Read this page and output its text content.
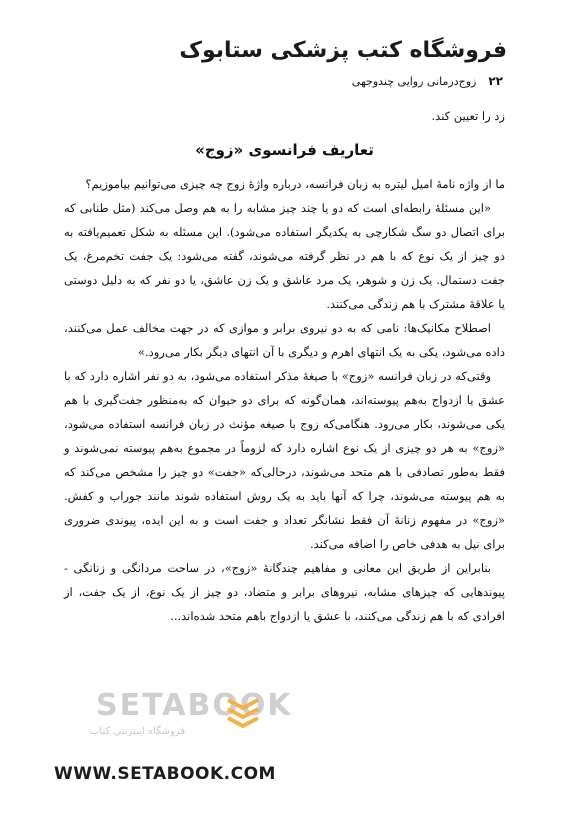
فروشگاه کتب پزشکی ستابوک
۲۲
زوج‌درمانی روایی چندوجهی

زد را تعیین کند.

تعاریف فرانسوی «زوج»

ما از واژه نامهٔ امیل لیتره به زبان فرانسه، درباره واژهٔ زوج چه چیزی می‌توانیم بیاموزیم؟

«این مسئلهٔ رابطه‌ای است که دو یا چند چیز مشابه را به هم وصل می‌کند (مثل طنابی که برای اتصال دو سگ شکارچی به یکدیگر استفاده می‌شود). این مسئله به شکل تعمیم‌یافته به دو چیز از یک نوع که با هم در نظر گرفته می‌شوند، گفته می‌شود: یک جفت تخم‌مرغ، یک جفت دستمال. یک زن و شوهر، یک مرد عاشق و یک زن عاشق، یا دو نفر که به دلیل دوستی یا علاقهٔ مشترک با هم زندگی می‌کنند.

اصطلاح مکانیک‌ها: نامی که به دو نیروی برابر و موازی که در جهت مخالف عمل می‌کنند، داده می‌شود، یکی به یک انتهای اهرم و دیگری با آن انتهای دیگر بکار می‌رود.»

وقتی‌که در زبان فرانسه «زوج» با صیغهٔ مذکر استفاده می‌شود، به دو نفر اشاره دارد که با عشق یا ازدواج به‌هم پیوسته‌اند، همان‌گونه که برای دو حیوان که به‌منظور جفت‌گیری با هم یکی می‌شوند، بکار می‌رود. هنگامی‌که زوج با صیغه مؤنث در زبان فرانسه استفاده می‌شود، «زوج» به هر دو چیزی از یک نوع اشاره دارد که لزوماً در مجموع به‌هم پیوسته نمی‌شوند و فقط به‌طور تصادفی با هم متحد می‌شوند، درحالی‌که «جفت» دو چیز را مشخص می‌کند که به هم پیوسته می‌شوند، چرا که آنها باید به یک روش استفاده شوند مانند جوراب و کفش. «زوج» در مفهوم زنانهٔ آن فقط نشانگر تعداد و جفت است و به این ایده، پیوندی ضروری برای نیل به هدفی خاص را اضافه می‌کند.

بنابراین از طریق این معانی و مفاهیم چندگانهٔ «زوج»، در ساحت مردانگی و زنانگی - پیوندهایی که چیزهای مشابه، نیروهای برابر و متضاد، دو چیز از یک نوع، از یک جفت، از افرادی که با هم زندگی می‌کنند، با عشق یا ازدواج باهم متحد شده‌اند...

SETABOOK
فروشگاه اینترنتی کتاب
WWW.SETABOOK.COM
